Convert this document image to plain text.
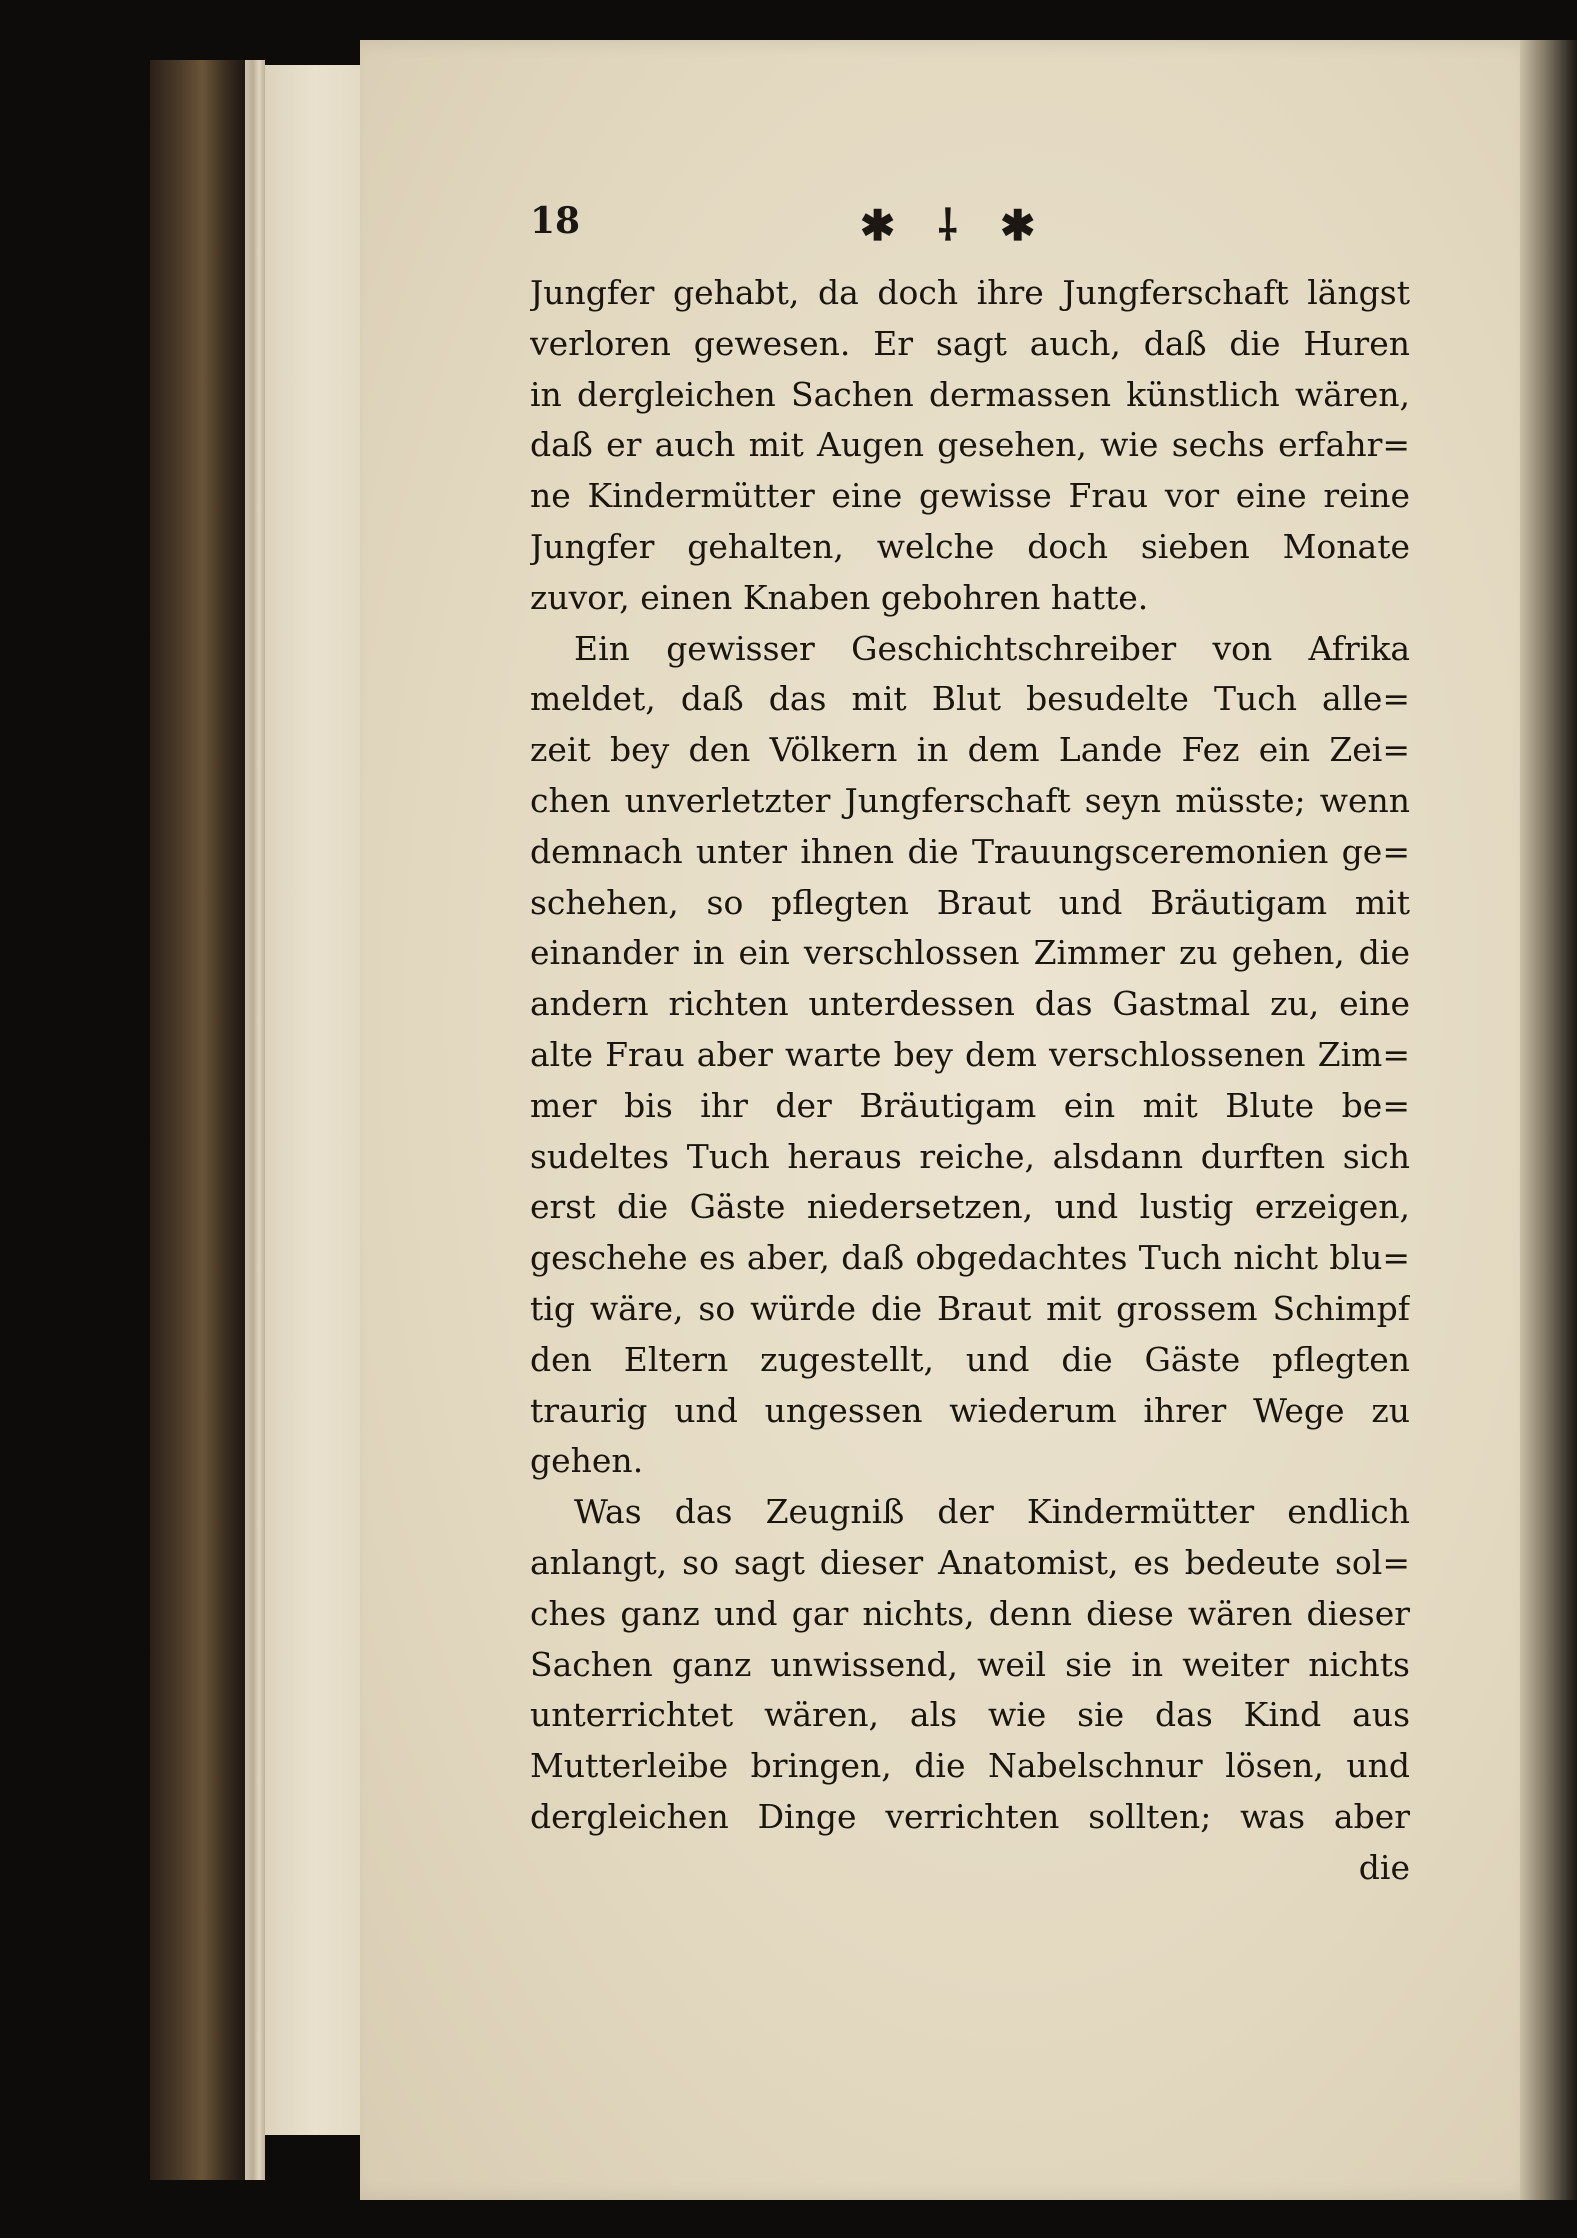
18	✱ ⸸ ✱
Jungfer gehabt, da doch ihre Jungferschaft längst
verloren gewesen. Er sagt auch, daß die Huren
in dergleichen Sachen dermassen künstlich wären,
daß er auch mit Augen gesehen, wie sechs erfahr=
ne Kindermütter eine gewisse Frau vor eine reine
Jungfer gehalten, welche doch sieben Monate
zuvor, einen Knaben gebohren hatte.
Ein gewisser Geschichtschreiber von Afrika
meldet, daß das mit Blut besudelte Tuch alle=
zeit bey den Völkern in dem Lande Fez ein Zei=
chen unverletzter Jungferschaft seyn müsste; wenn
demnach unter ihnen die Trauungsceremonien ge=
schehen, so pflegten Braut und Bräutigam mit
einander in ein verschlossen Zimmer zu gehen, die
andern richten unterdessen das Gastmal zu, eine
alte Frau aber warte bey dem verschlossenen Zim=
mer bis ihr der Bräutigam ein mit Blute be=
sudeltes Tuch heraus reiche, alsdann durften sich
erst die Gäste niedersetzen, und lustig erzeigen,
geschehe es aber, daß obgedachtes Tuch nicht blu=
tig wäre, so würde die Braut mit grossem Schimpf
den Eltern zugestellt, und die Gäste pflegten
traurig und ungessen wiederum ihrer Wege zu
gehen.
Was das Zeugniß der Kindermütter endlich
anlangt, so sagt dieser Anatomist, es bedeute sol=
ches ganz und gar nichts, denn diese wären dieser
Sachen ganz unwissend, weil sie in weiter nichts
unterrichtet wären, als wie sie das Kind aus
Mutterleibe bringen, die Nabelschnur lösen, und
dergleichen Dinge verrichten sollten; was aber
die
